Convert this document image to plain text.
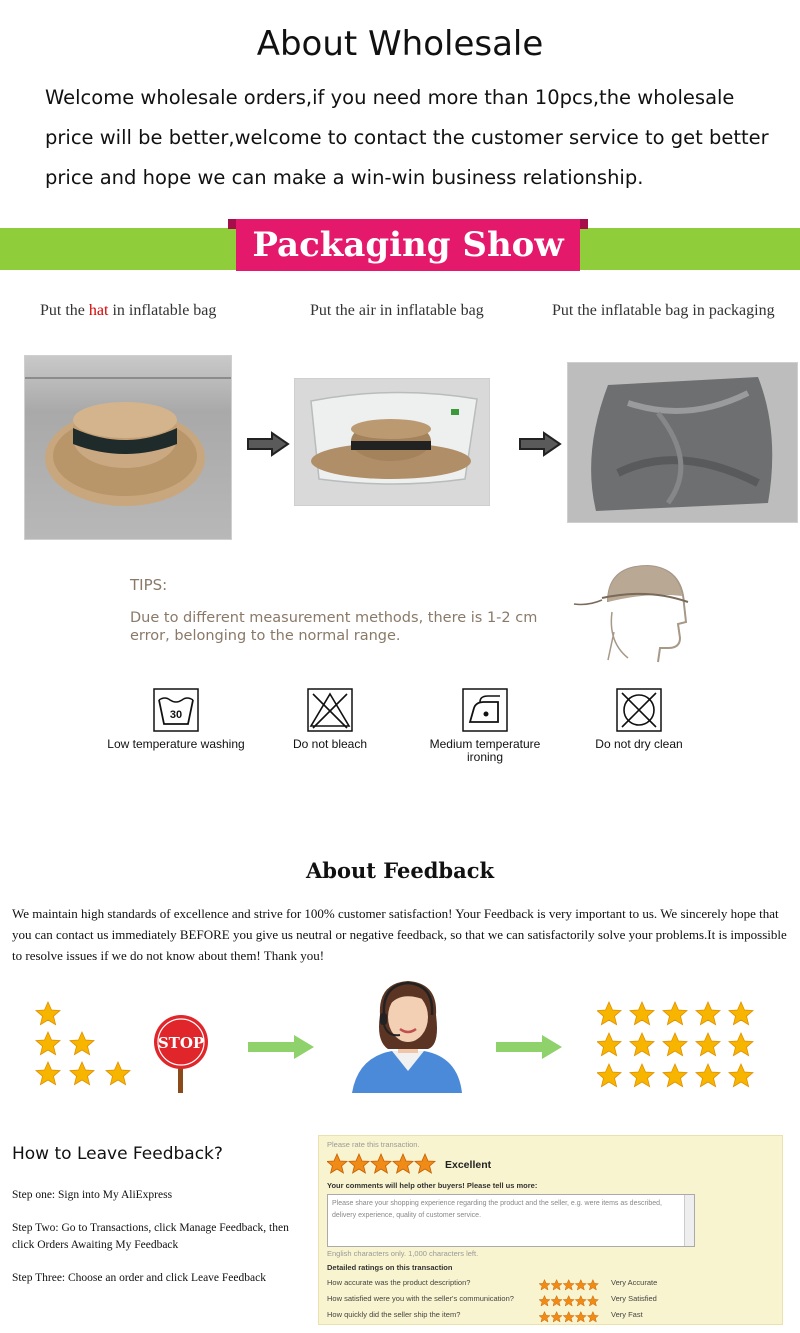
About Wholesale
Welcome wholesale orders,if you need more than 10pcs,the wholesale price will be better,welcome to contact the customer service to get better price and hope we can make a win-win business relationship.
Packaging Show
Put the hat in inflatable bag	Put the air in inflatable bag	Put the inflatable bag in packaging
TIPS:
Due to different measurement methods, there is 1-2 cm error, belonging to the normal range.
30
Low temperature washing	Do not bleach	Medium temperature ironing
Do not dry clean
About Feedback
We maintain high standards of excellence and strive for 100% customer satisfaction! Your Feedback is very important to us. We sincerely hope that you can contact us immediately BEFORE you give us neutral or negative feedback, so that we can satisfactorily solve your problems.It is impossible to resolve issues if we do not know about them! Thank you!
STOP
How to Leave Feedback?
Step one: Sign into My AliExpress
Step Two: Go to Transactions, click Manage Feedback, then click Orders Awaiting My Feedback
Step Three: Choose an order and click Leave Feedback
Please rate this transaction.
Excellent
Your comments will help other buyers! Please tell us more:
Please share your shopping experience regarding the product and the seller, e.g. were items as described, delivery experience, quality of customer service.
English characters only. 1,000 characters left.
Detailed ratings on this transaction
How accurate was the product description?	Very Accurate
How satisfied were you with the seller's communication?	Very Satisfied
How quickly did the seller ship the item?	Very Fast
